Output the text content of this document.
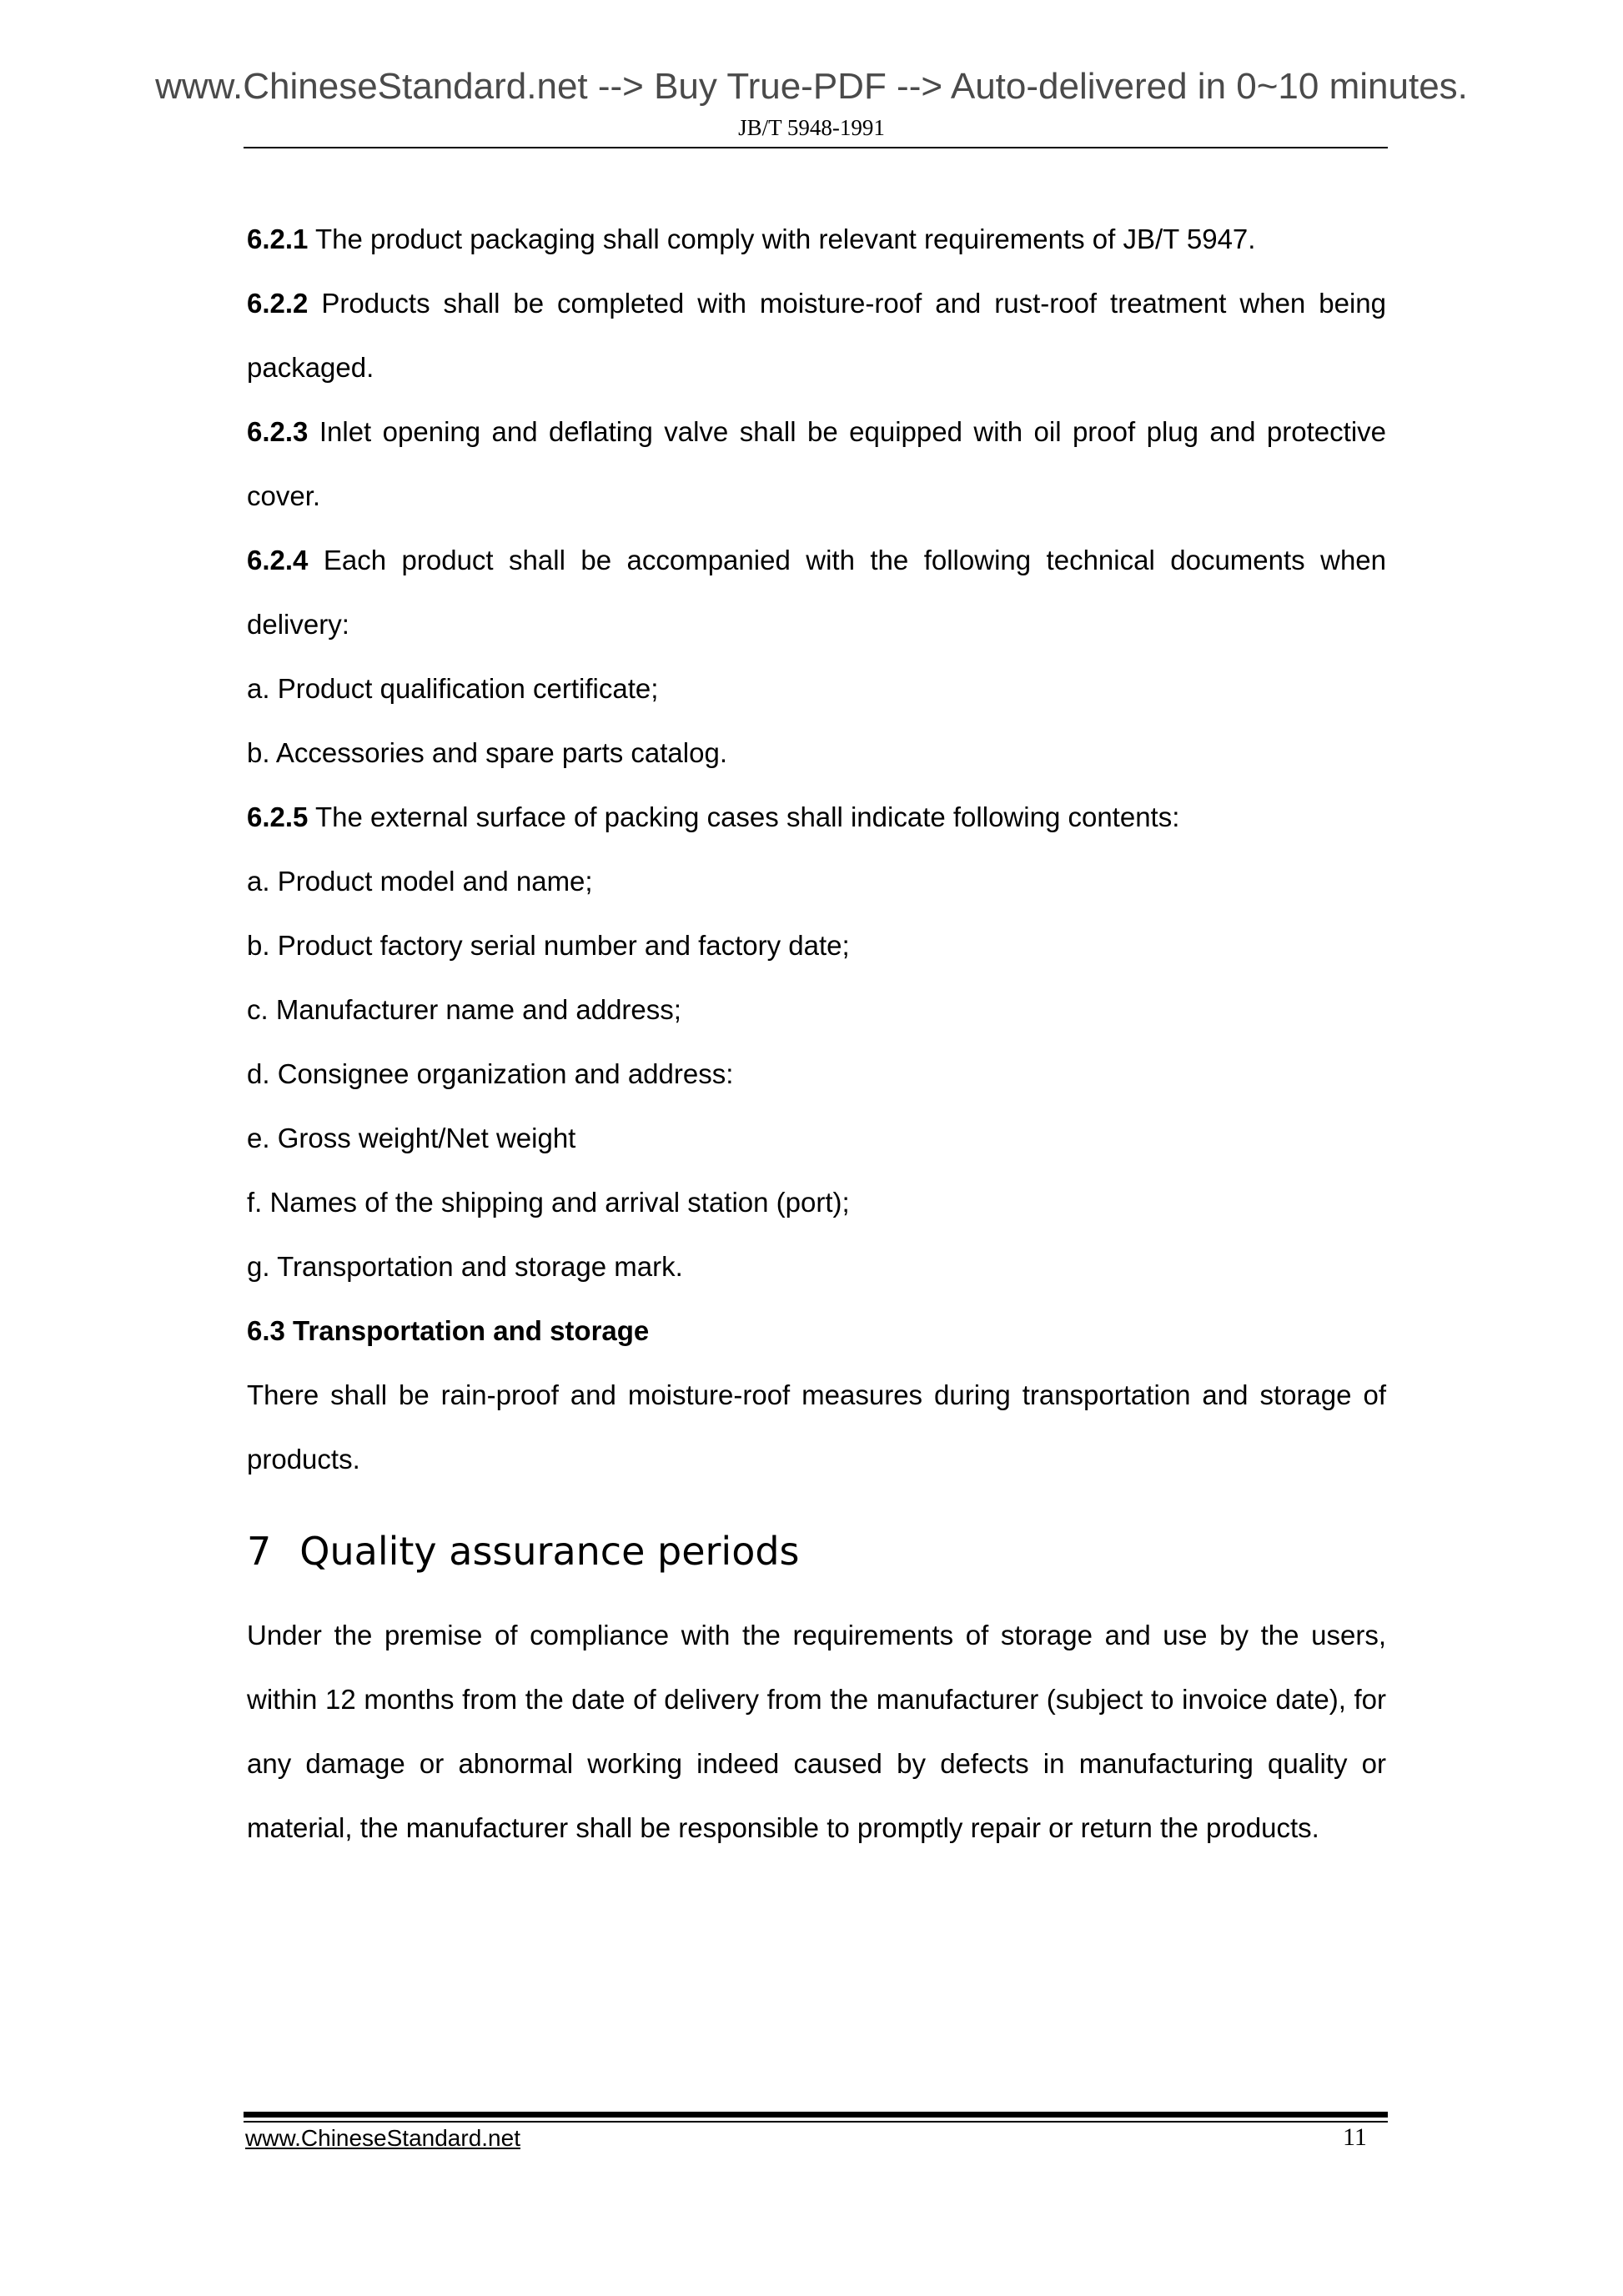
www.ChineseStandard.net --> Buy True-PDF --> Auto-delivered in 0~10 minutes.
JB/T 5948-1991

6.2.1 The product packaging shall comply with relevant requirements of JB/T 5947.

6.2.2 Products shall be completed with moisture-roof and rust-roof treatment when being packaged.

6.2.3 Inlet opening and deflating valve shall be equipped with oil proof plug and protective cover.

6.2.4 Each product shall be accompanied with the following technical documents when delivery:

a. Product qualification certificate;

b. Accessories and spare parts catalog.

6.2.5 The external surface of packing cases shall indicate following contents:

a. Product model and name;

b. Product factory serial number and factory date;

c. Manufacturer name and address;

d. Consignee organization and address:

e. Gross weight/Net weight

f. Names of the shipping and arrival station (port);

g. Transportation and storage mark.

6.3 Transportation and storage

There shall be rain-proof and moisture-roof measures during transportation and storage of products.

7 Quality assurance periods

Under the premise of compliance with the requirements of storage and use by the users, within 12 months from the date of delivery from the manufacturer (subject to invoice date), for any damage or abnormal working indeed caused by defects in manufacturing quality or material, the manufacturer shall be responsible to promptly repair or return the products.

www.ChineseStandard.net	11
